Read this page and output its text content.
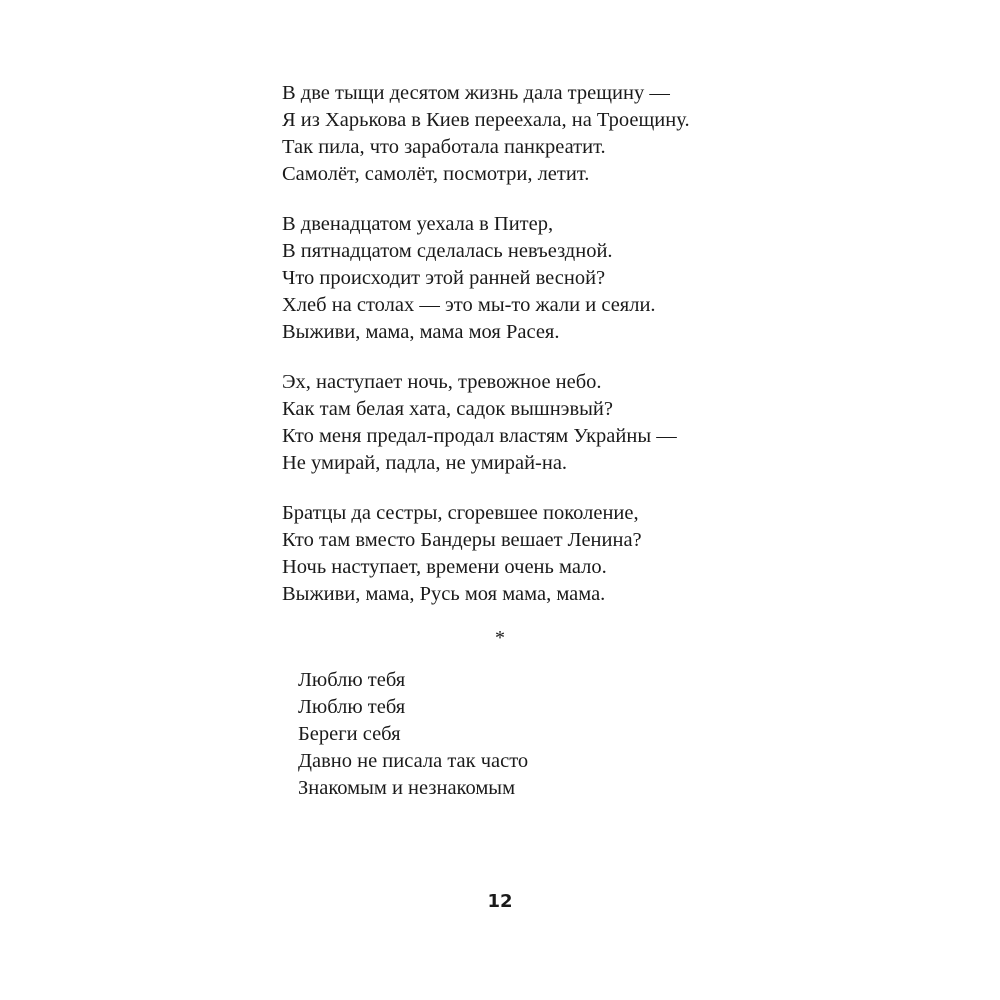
В две тыщи десятом жизнь дала трещину —
Я из Харькова в Киев переехала, на Троещину.
Так пила, что заработала панкреатит.
Самолёт, самолёт, посмотри, летит.
В двенадцатом уехала в Питер,
В пятнадцатом сделалась невъездной.
Что происходит этой ранней весной?
Хлеб на столах — это мы-то жали и сеяли.
Выживи, мама, мама моя Расея.
Эх, наступает ночь, тревожное небо.
Как там белая хата, садок вышнэвый?
Кто меня предал-продал властям Украйны —
Не умирай, падла, не умирай-на.
Братцы да сестры, сгоревшее поколение,
Кто там вместо Бандеры вешает Ленина?
Ночь наступает, времени очень мало.
Выживи, мама, Русь моя мама, мама.
*
Люблю тебя
Люблю тебя
Береги себя
Давно не писала так часто
Знакомым и незнакомым
12
